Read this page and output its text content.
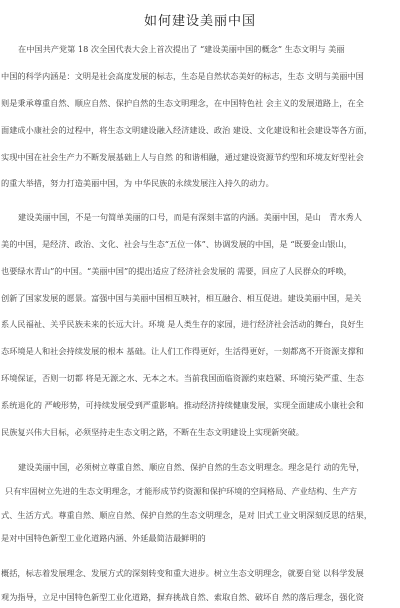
如何建设美丽中国
在中国共产党第 18 次全国代表大会上首次提出了 “建设美丽中国的概念” 生态文明与 美丽
中国的科学内涵是：文明是社会高度发展的标志，生态是自然状态美好的标志，生态 文明与美丽中国
则是秉承尊重自然、顺应自然、保护自然的生态文明理念，在中国特色社 会主义的发展道路上，在全
面建成小康社会的过程中，将生态文明建设融入经济建设、政治 建设、文化建设和社会建设等各方面，
实现中国在社会生产力不断发展基础上人与自然 的和谐相融，通过建设资源节约型和环境友好型社会
的重大举措，努力打造美丽中国，为 中华民族的永续发展注入持久的动力。
建设美丽中国，不是一句简单美丽的口号，而是有深刻丰富的内涵。美丽中国，是山　青水秀人
美的中国，是经济、政治、文化、社会与生态“五位一体”、协调发展的中国，是 “既要金山银山，
也要绿水青山”的中国。“美丽中国”的提出适应了经济社会发展的 需要，回应了人民群众的呼唤，
创新了国家发展的愿景。富强中国与美丽中国相互映衬，相互融合、相互促进。建设美丽中国，是关
系人民福祉、关乎民族未来的长远大计。环境 是人类生存的家园，进行经济社会活动的舞台，良好生
态环境是人和社会持续发展的根本 基础。让人们工作得更好，生活得更好，一刻都离不开资源支撑和
环境保证，否则一切都 将是无源之水、无本之木。当前我国面临资源约束趋紧、环境污染严重、生态
系统退化的 严峻形势，可持续发展受到严重影响。推动经济持续健康发展，实现全面建成小康社会和
民族复兴伟大目标，必须坚持走生态文明之路，不断在生态文明建设上实现新突破。
建设美丽中国，必须树立尊重自然、顺应自然、保护自然的生态文明理念。理念是行 动的先导，
只有牢固树立先进的生态文明理念，才能形成节约资源和保护环境的空间格局、产业结构、生产方
式、生活方式。尊重自然、顺应自然、保护自然的生态文明理念，是对 旧式工业文明深刻反思的结果，
是对中国特色新型工业化道路内涵、外延最简洁最鲜明的
概括，标志着发展理念、发展方式的深刻转变和重大进步。树立生态文明理念，就要自觉 以科学发展
观为指导，立足中国特色新型工业化道路，摒弃挑战自然、索取自然、破坏自 然的落后理念，强化资
